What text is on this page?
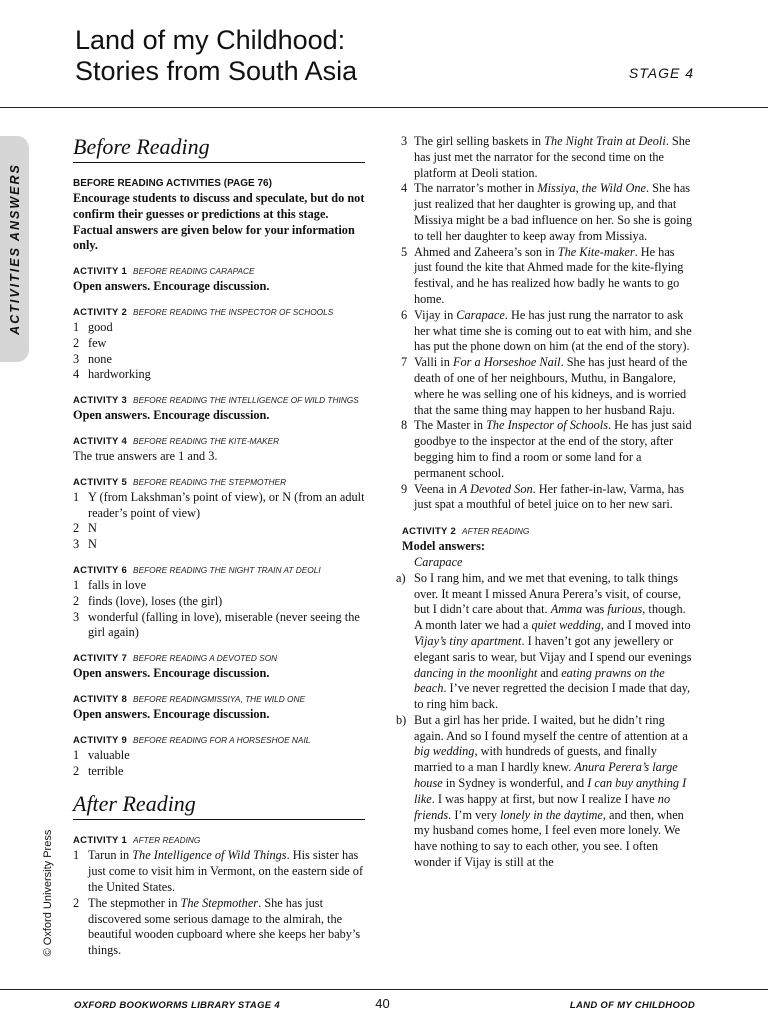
Land of my Childhood:
Stories from South Asia	STAGE 4
ACTIVITIES ANSWERS
© Oxford University Press
Before Reading
BEFORE READING ACTIVITIES (PAGE 76)
Encourage students to discuss and speculate, but do not confirm their guesses or predictions at this stage. Factual answers are given below for your information only.
ACTIVITY 1 BEFORE READING CARAPACE
Open answers. Encourage discussion.
ACTIVITY 2 BEFORE READING THE INSPECTOR OF SCHOOLS
1 good
2 few
3 none
4 hardworking
ACTIVITY 3 BEFORE READING THE INTELLIGENCE OF WILD THINGS
Open answers. Encourage discussion.
ACTIVITY 4 BEFORE READING THE KITE-MAKER
The true answers are 1 and 3.
ACTIVITY 5 BEFORE READING THE STEPMOTHER
1 Y (from Lakshman’s point of view), or N (from an adult reader’s point of view)
2 N
3 N
ACTIVITY 6 BEFORE READING THE NIGHT TRAIN AT DEOLI
1 falls in love
2 finds (love), loses (the girl)
3 wonderful (falling in love), miserable (never seeing the girl again)
ACTIVITY 7 BEFORE READING A DEVOTED SON
Open answers. Encourage discussion.
ACTIVITY 8 BEFORE READINGMISSIYA, THE WILD ONE
Open answers. Encourage discussion.
ACTIVITY 9 BEFORE READING FOR A HORSESHOE NAIL
1 valuable
2 terrible
After Reading
ACTIVITY 1 AFTER READING
1 Tarun in The Intelligence of Wild Things. His sister has just come to visit him in Vermont, on the eastern side of the United States.
2 The stepmother in The Stepmother. She has just discovered some serious damage to the almirah, the beautiful wooden cupboard where she keeps her baby’s things.
3 The girl selling baskets in The Night Train at Deoli. She has just met the narrator for the second time on the platform at Deoli station.
4 The narrator’s mother in Missiya, the Wild One. She has just realized that her daughter is growing up, and that Missiya might be a bad influence on her. So she is going to tell her daughter to keep away from Missiya.
5 Ahmed and Zaheera’s son in The Kite-maker. He has just found the kite that Ahmed made for the kite-flying festival, and he has realized how badly he wants to go home.
6 Vijay in Carapace. He has just rung the narrator to ask her what time she is coming out to eat with him, and she has put the phone down on him (at the end of the story).
7 Valli in For a Horseshoe Nail. She has just heard of the death of one of her neighbours, Muthu, in Bangalore, where he was selling one of his kidneys, and is worried that the same thing may happen to her husband Raju.
8 The Master in The Inspector of Schools. He has just said goodbye to the inspector at the end of the story, after begging him to find a room or some land for a permanent school.
9 Veena in A Devoted Son. Her father-in-law, Varma, has just spat a mouthful of betel juice on to her new sari.
ACTIVITY 2 AFTER READING
Model answers:
Carapace
a) So I rang him, and we met that evening, to talk things over. It meant I missed Anura Perera’s visit, of course, but I didn’t care about that. Amma was furious, though. A month later we had a quiet wedding, and I moved into Vijay’s tiny apartment. I haven’t got any jewellery or elegant saris to wear, but Vijay and I spend our evenings dancing in the moonlight and eating prawns on the beach. I’ve never regretted the decision I made that day, to ring him back.
b) But a girl has her pride. I waited, but he didn’t ring again. And so I found myself the centre of attention at a big wedding, with hundreds of guests, and finally married to a man I hardly knew. Anura Perera’s large house in Sydney is wonderful, and I can buy anything I like. I was happy at first, but now I realize I have no friends. I’m very lonely in the daytime, and then, when my husband comes home, I feel even more lonely. We have nothing to say to each other, you see. I often wonder if Vijay is still at the
OXFORD BOOKWORMS LIBRARY STAGE 4	40	LAND OF MY CHILDHOOD
